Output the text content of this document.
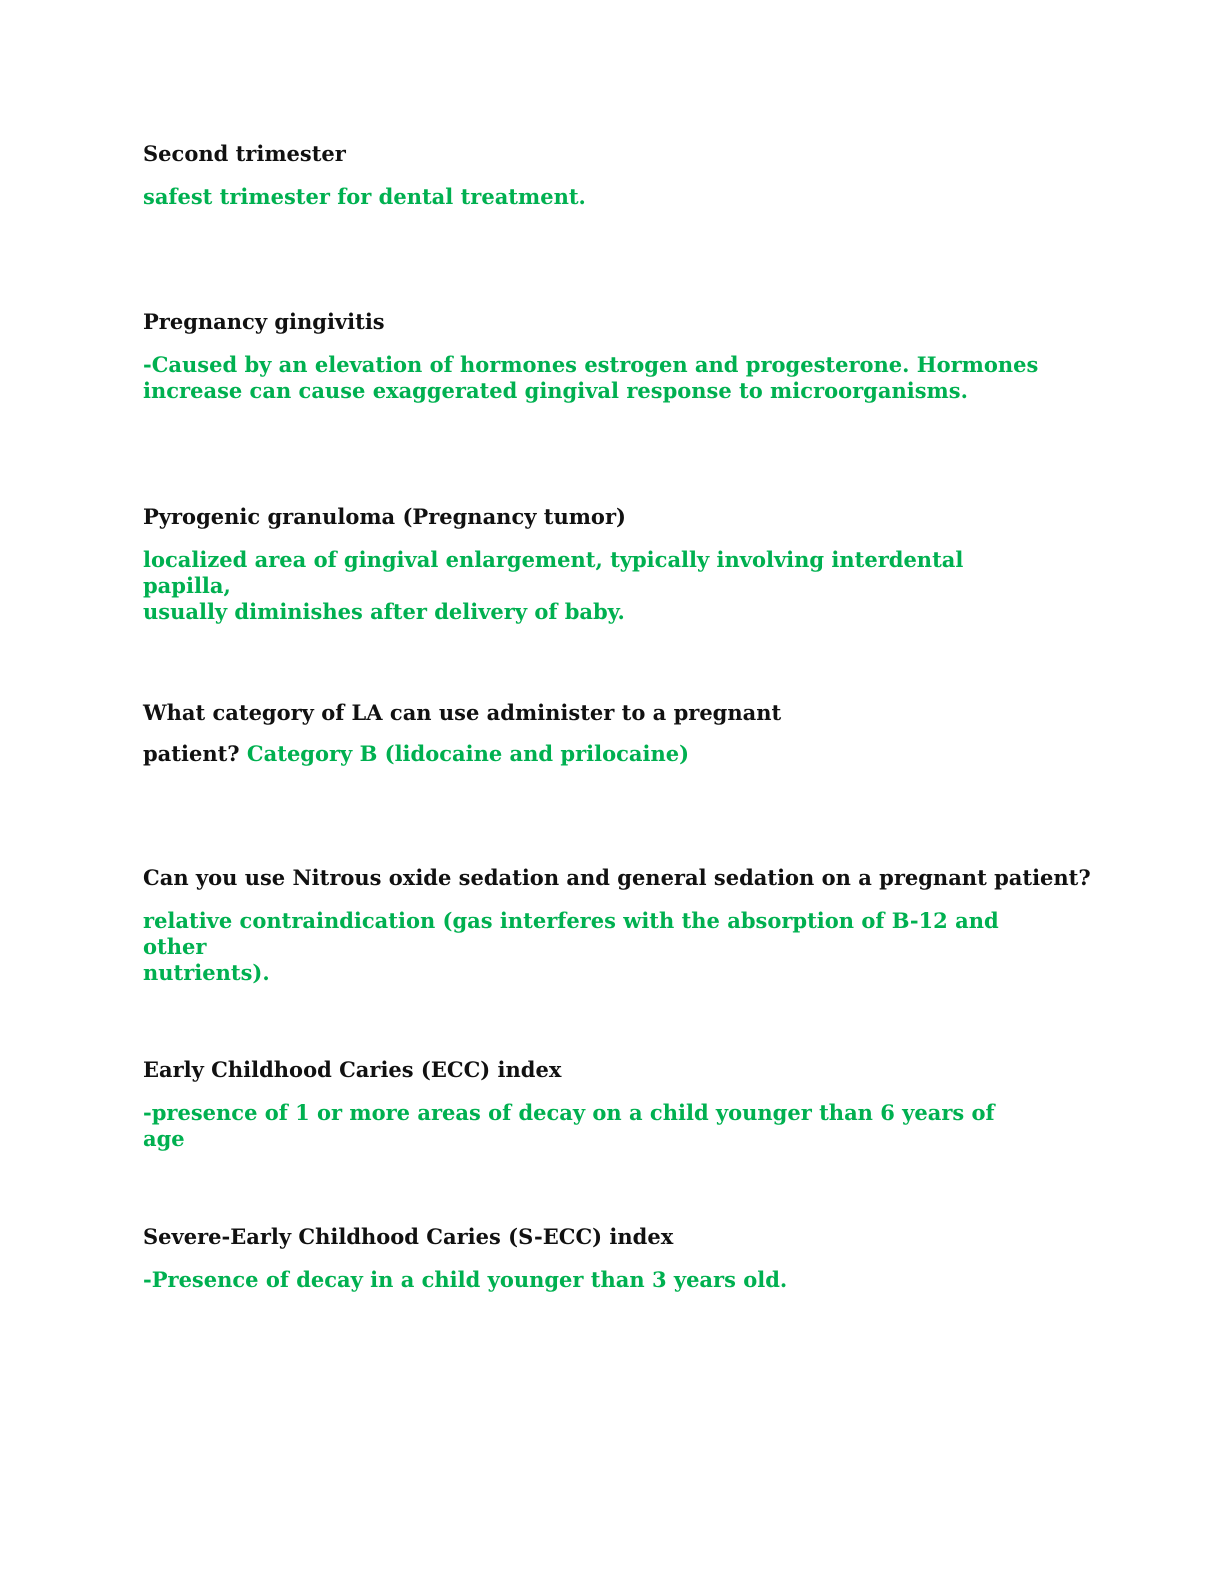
Second trimester

safest trimester for dental treatment.

Pregnancy gingivitis

-Caused by an elevation of hormones estrogen and progesterone. Hormones

increase can cause exaggerated gingival response to microorganisms.

Pyrogenic granuloma (Pregnancy tumor)

localized area of gingival enlargement, typically involving interdental papilla,

usually diminishes after delivery of baby.

What category of LA can use administer to a pregnant

patient? Category B (lidocaine and prilocaine)

Can you use Nitrous oxide sedation and general sedation on a pregnant patient?

relative contraindication (gas interferes with the absorption of B-12 and other

nutrients).

Early Childhood Caries (ECC) index

-presence of 1 or more areas of decay on a child younger than 6 years of age

Severe-Early Childhood Caries (S-ECC) index

-Presence of decay in a child younger than 3 years old.
